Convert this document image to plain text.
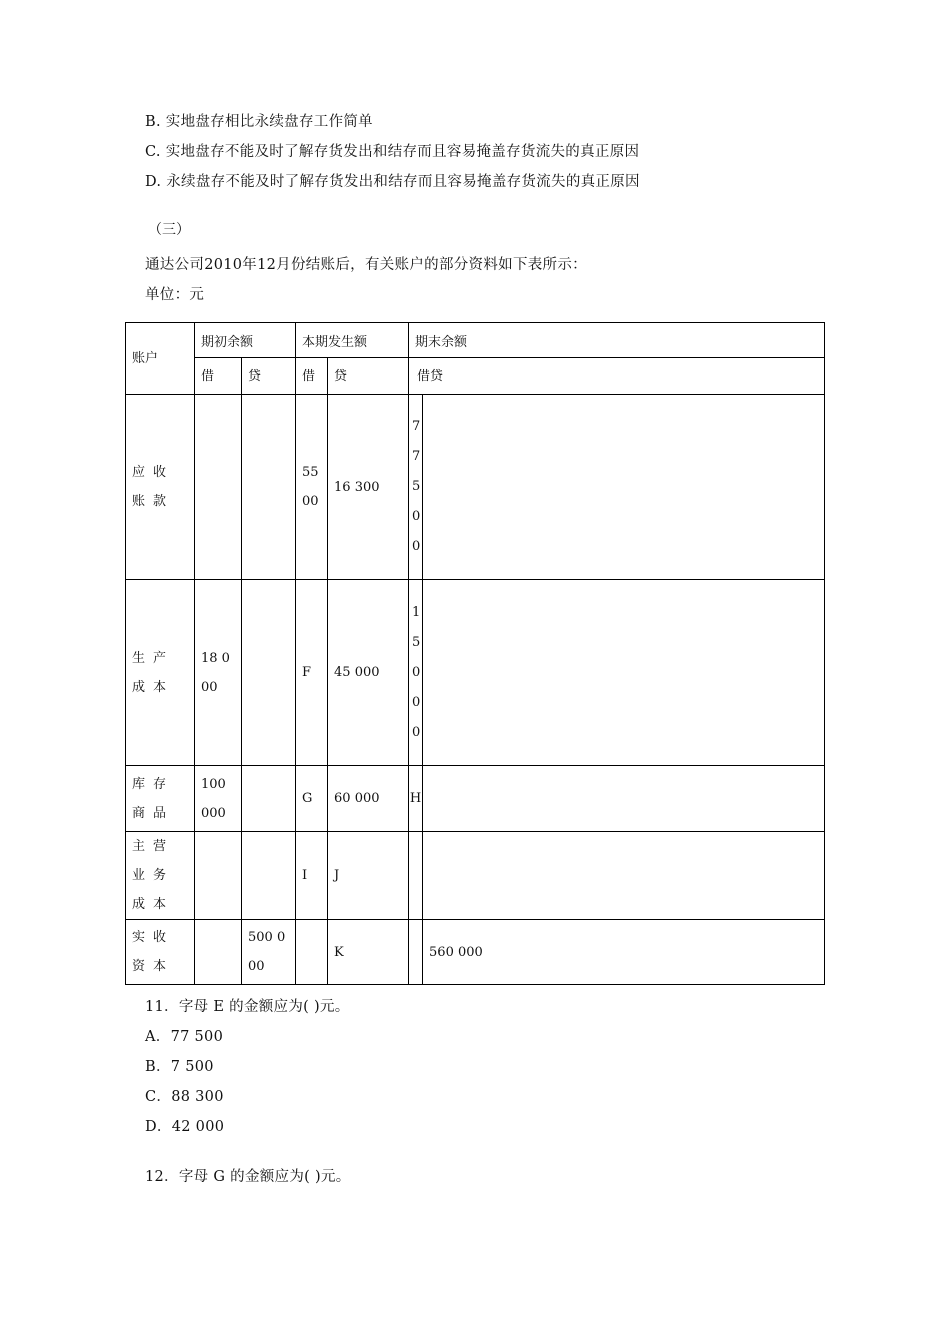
B. 实地盘存相比永续盘存工作简单
C. 实地盘存不能及时了解存货发出和结存而且容易掩盖存货流失的真正原因
D. 永续盘存不能及时了解存货发出和结存而且容易掩盖存货流失的真正原因
（三）
通达公司2010年12月份结账后，有关账户的部分资料如下表所示：
单位：元
账户	期初余额		本期发生额		期末余额	
	借	贷	借	贷	借贷	
应收账款			5500	16 300	77500	

生产成本	18 000		F	45 000	15000	

库存商品	100 000		G	60 000	H	
主营业务成本			I	J		
实收资本		500 000		K		560 000
11．字母 E 的金额应为( )元。
A．77 500
B．7 500
C．88 300
D．42 000
12．字母 G 的金额应为( )元。
